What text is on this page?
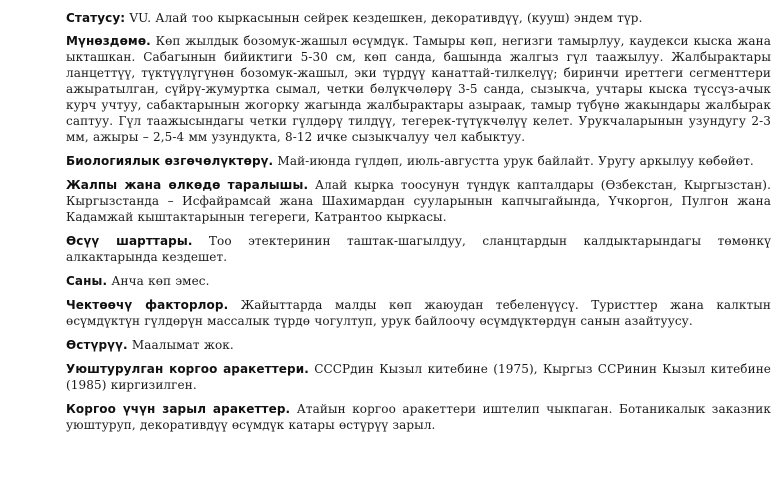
Статусу: VU. Алай тоо кыркасынын сейрек кездешкен, декоративдүү, (кууш) эндем түр.

Мүнөздөмө. Көп жылдык бозомук-жашыл өсүмдүк. Тамыры көп, негизги тамырлуу, каудекси кыска жана ыкташкан. Сабагынын бийиктиги 5-30 см, көп санда, башында жалгыз гүл таажылуу. Жалбырактары ланцеттүү, түктүүлүгүнөн бозомук-жашыл, эки түрдүү канаттай-тилкелүү; биринчи иреттеги сегменттери ажыратылган, сүйрү-жумуртка сымал, четки бөлүкчөлөрү 3-5 санда, сызыкча, учтары кыска түссүз-ачык курч учтуу, сабактарынын жогорку жагында жалбырактары азыраак, тамыр түбүнө жакындары жалбырак саптуу. Гүл таажысындагы четки гүлдөрү тилдүү, тегерек-түтүкчөлүү келет. Урукчаларынын узундугу 2-3 мм, ажыры – 2,5-4 мм узундукта, 8-12 ичке сызыкчалуу чел кабыктуу.

Биологиялык өзгөчөлүктөрү. Май-июнда гүлдөп, июль-августта урук байлайт. Уругу аркылуу көбөйөт.

Жалпы жана өлкөдө таралышы. Алай кырка тоосунун түндүк капталдары (Өзбекстан, Кыргызстан). Кыргызстанда – Исфайрамсай жана Шахимардан сууларынын капчыгайында, Үчкоргон, Пулгон жана Кадамжай кыштактарынын тегереги, Катрантоо кыркасы.

Өсүү шарттары. Тоо этектеринин таштак-шагылдуу, сланцтардын калдыктарындагы төмөнкү алкактарында кездешет.

Саны. Анча көп эмес.

Чектөөчү факторлор. Жайыттарда малды көп жаюудан тебеленүүсү. Туристтер жана калктын өсүмдүктүн гүлдөрүн массалык түрдө чогултуп, урук байлоочу өсүмдүктөрдүн санын азайтуусу.

Өстүрүү. Маалымат жок.

Уюштурулган коргоо аракеттери. СССРдин Кызыл китебине (1975), Кыргыз ССРинин Кызыл китебине (1985) киргизилген.

Коргоо үчүн зарыл аракеттер. Атайын коргоо аракеттери иштелип чыкпаган. Ботаникалык заказник уюштуруп, декоративдүү өсүмдүк катары өстүрүү зарыл.
